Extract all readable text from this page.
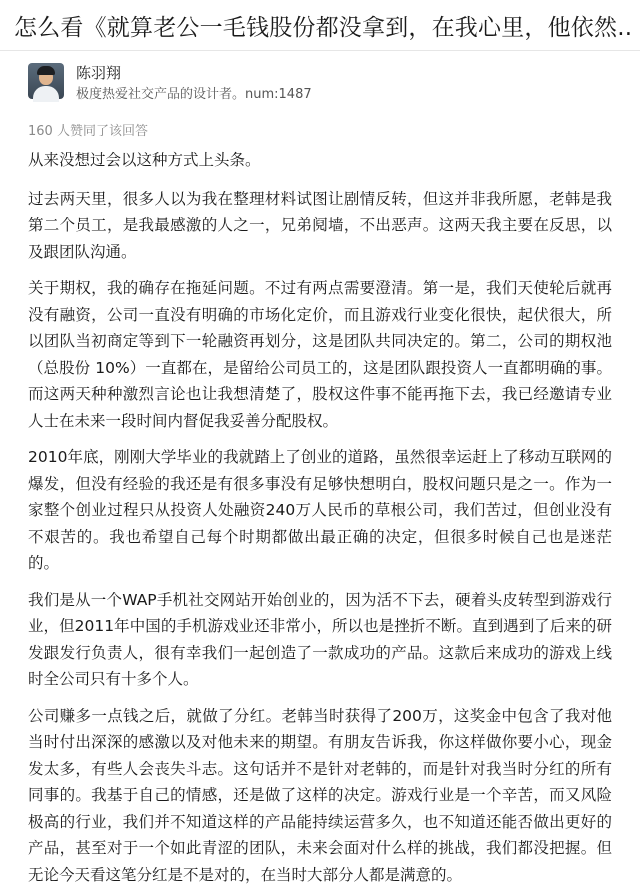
怎么看《就算老公一毛钱股份都没拿到，在我心里，他依然..
陈羽翔
极度热爱社交产品的设计者。num:1487
160 人赞同了该回答

从来没想过会以这种方式上头条。

过去两天里，很多人以为我在整理材料试图让剧情反转，但这并非我所愿，老韩是我第二个员工，是我最感激的人之一，兄弟阋墙，不出恶声。这两天我主要在反思，以及跟团队沟通。

关于期权，我的确存在拖延问题。不过有两点需要澄清。第一是，我们天使轮后就再没有融资，公司一直没有明确的市场化定价，而且游戏行业变化很快，起伏很大，所以团队当初商定等到下一轮融资再划分，这是团队共同决定的。第二，公司的期权池（总股份 10%）一直都在，是留给公司员工的，这是团队跟投资人一直都明确的事。而这两天种种激烈言论也让我想清楚了，股权这件事不能再拖下去，我已经邀请专业人士在未来一段时间内督促我妥善分配股权。

2010年底，刚刚大学毕业的我就踏上了创业的道路，虽然很幸运赶上了移动互联网的爆发，但没有经验的我还是有很多事没有足够快想明白，股权问题只是之一。作为一家整个创业过程只从投资人处融资240万人民币的草根公司，我们苦过，但创业没有不艰苦的。我也希望自己每个时期都做出最正确的决定，但很多时候自己也是迷茫的。

我们是从一个WAP手机社交网站开始创业的，因为活不下去，硬着头皮转型到游戏行业，但2011年中国的手机游戏业还非常小，所以也是挫折不断。直到遇到了后来的研发跟发行负责人，很有幸我们一起创造了一款成功的产品。这款后来成功的游戏上线时全公司只有十多个人。

公司赚多一点钱之后，就做了分红。老韩当时获得了200万，这奖金中包含了我对他当时付出深深的感激以及对他未来的期望。有朋友告诉我，你这样做你要小心，现金发太多，有些人会丧失斗志。这句话并不是针对老韩的，而是针对我当时分红的所有同事的。我基于自己的情感，还是做了这样的决定。游戏行业是一个辛苦，而又风险极高的行业，我们并不知道这样的产品能持续运营多久，也不知道还能否做出更好的产品，甚至对于一个如此青涩的团队，未来会面对什么样的挑战，我们都没把握。但无论今天看这笔分红是不是对的，在当时大部分人都是满意的。
